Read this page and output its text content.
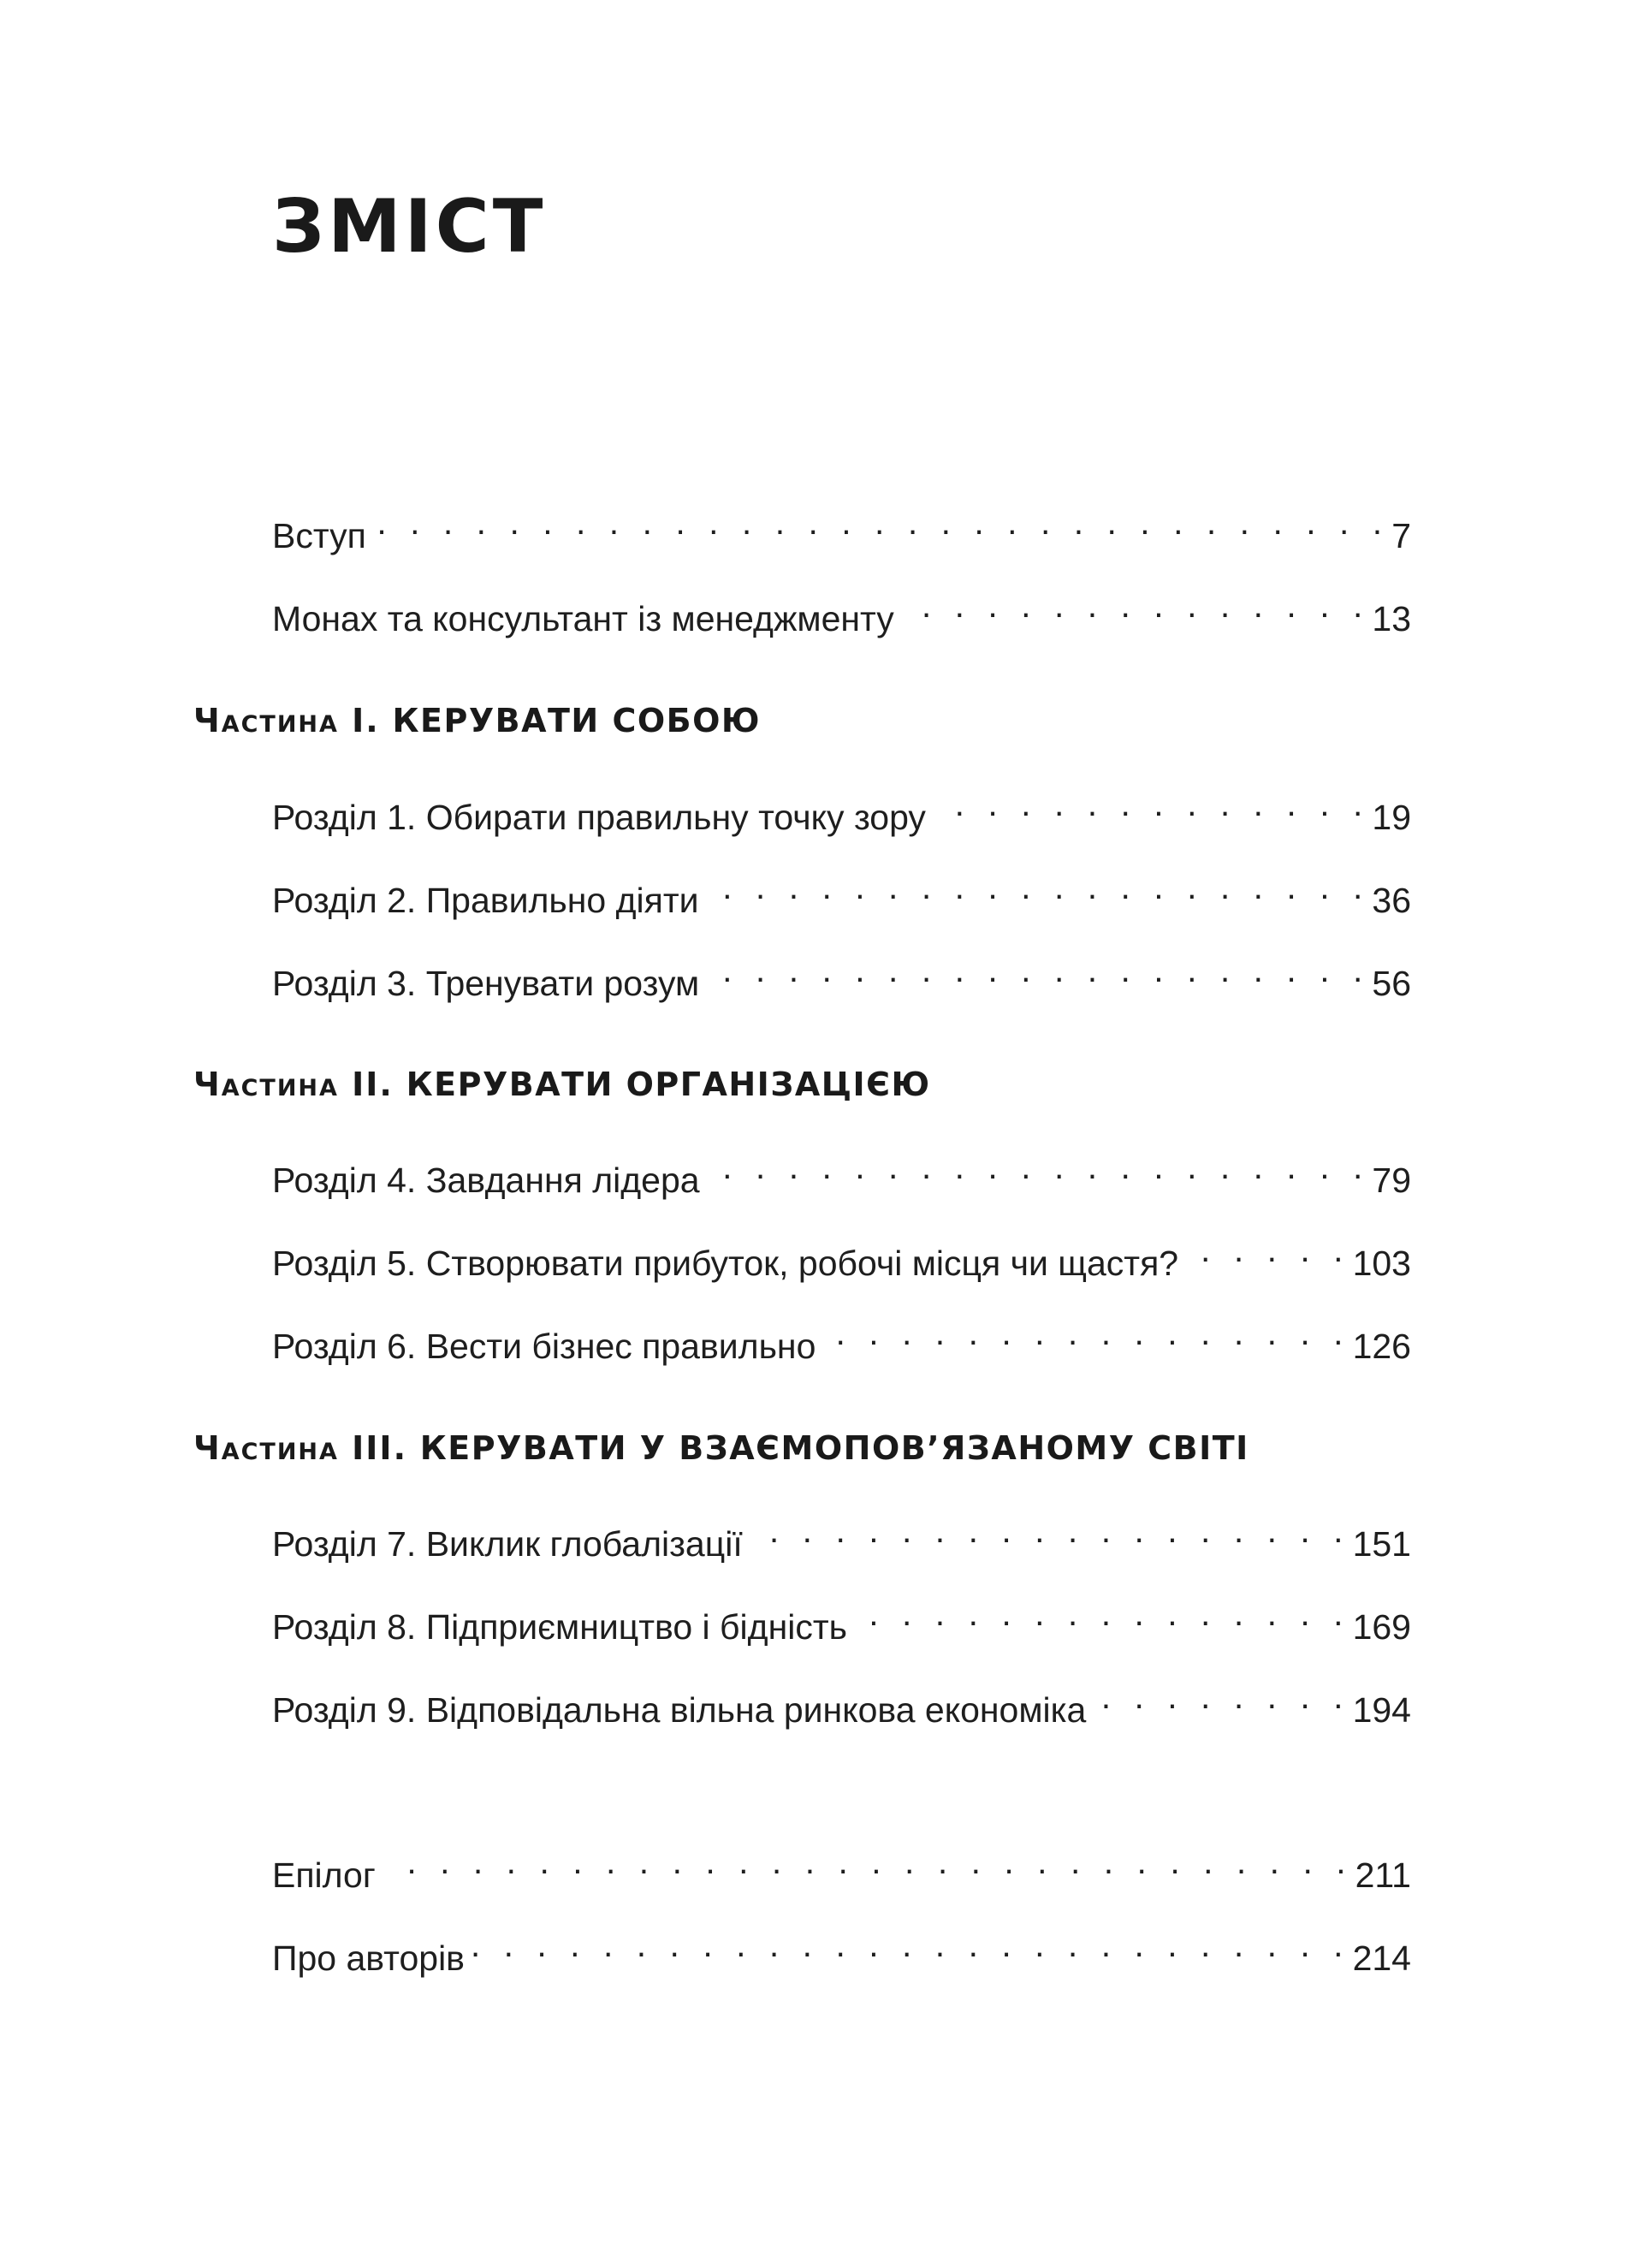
ЗМІСТ
Вступ . . .	7
Монах та консультант із менеджменту . . .	13
Частина I. КЕРУВАТИ СОБОЮ
Розділ 1. Обирати правильну точку зору . . .	19
Розділ 2. Правильно діяти . . .	36
Розділ 3. Тренувати розум . . .	56
Частина II. КЕРУВАТИ ОРГАНІЗАЦІЄЮ
Розділ 4. Завдання лідера . . .	79
Розділ 5. Створювати прибуток, робочі місця чи щастя? . . .	103
Розділ 6. Вести бізнес правильно . . .	126
Частина III. КЕРУВАТИ У ВЗАЄМОПОВ’ЯЗАНОМУ СВІТІ
Розділ 7. Виклик глобалізації . . .	151
Розділ 8. Підприємництво і бідність . . .	169
Розділ 9. Відповідальна вільна ринкова економіка . . .	194
Епілог . . .	211
Про авторів . . .	214
